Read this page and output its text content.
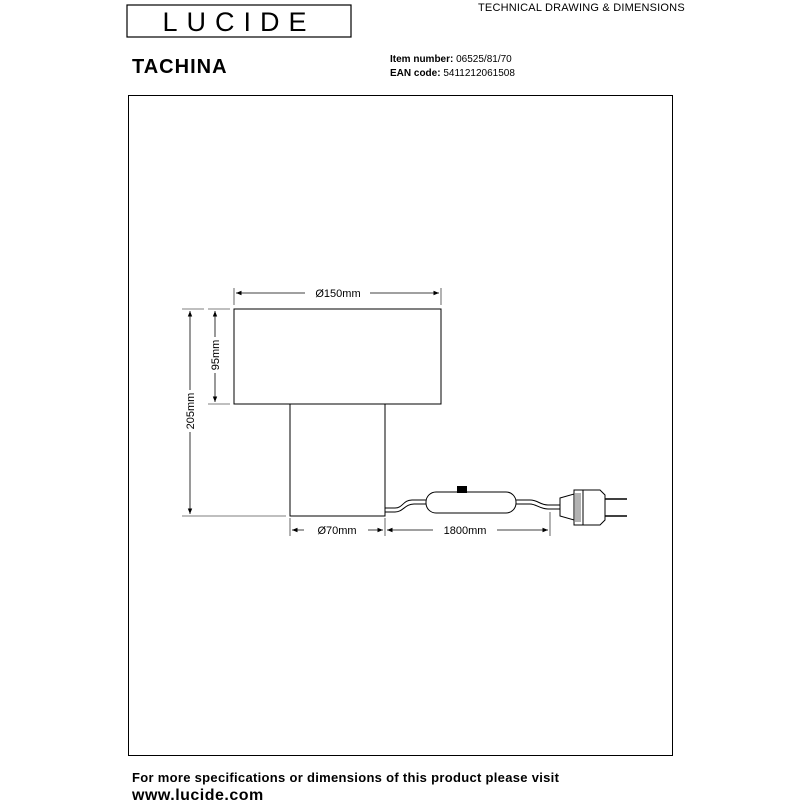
LUCIDE	TECHNICAL DRAWING & DIMENSIONS
TACHINA	Item number: 06525/81/70
EAN code: 5411212061508
Ø150mm
95mm
205mm
Ø70mm	1800mm
For more specifications or dimensions of this product please visit
www.lucide.com
